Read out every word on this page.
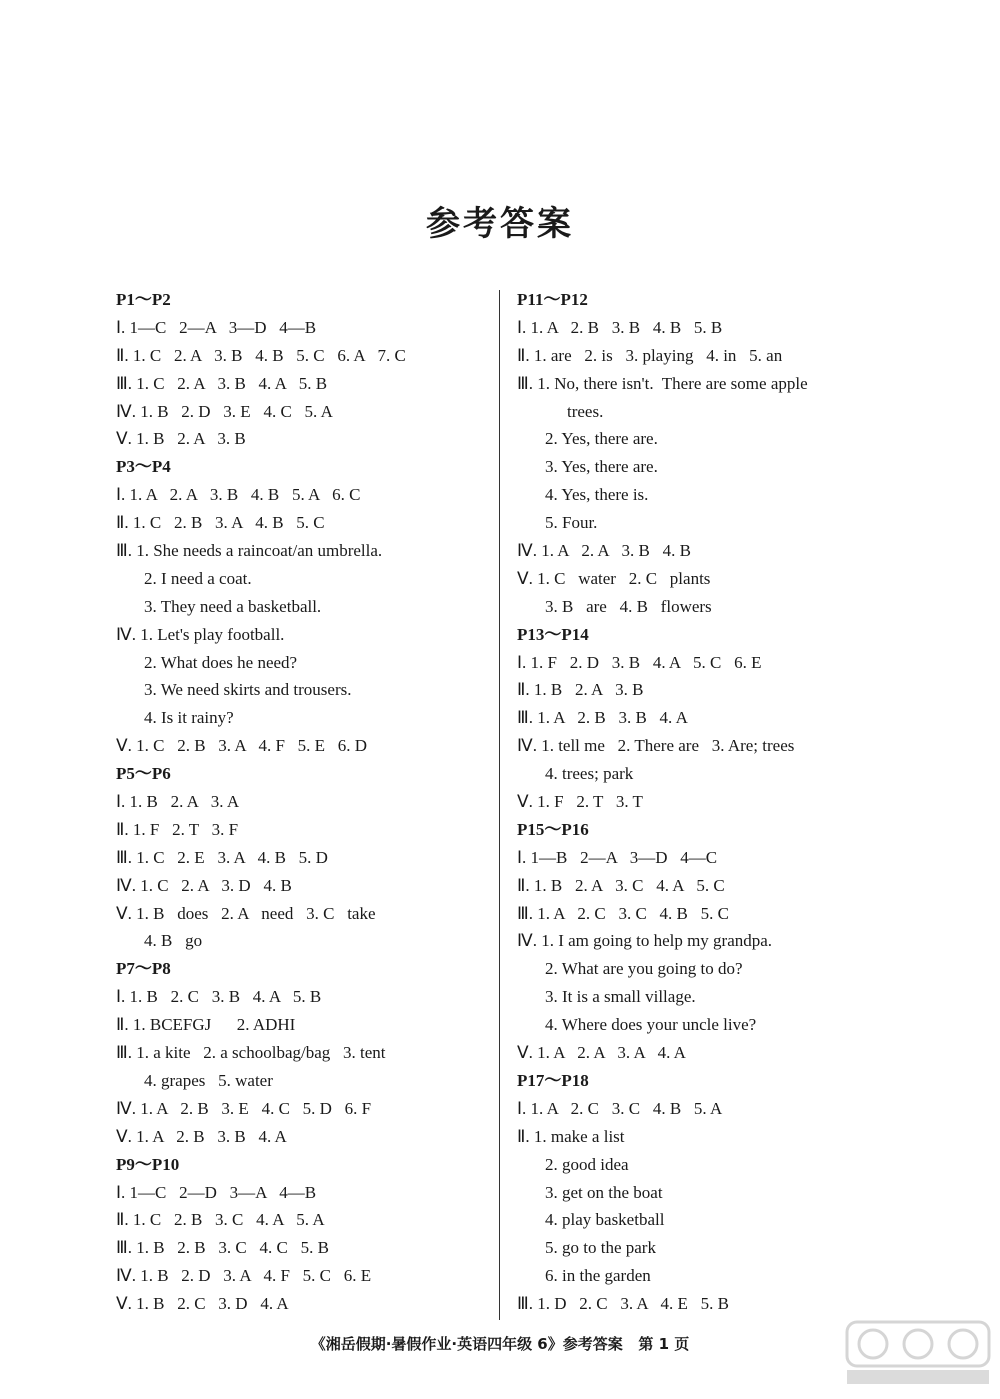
参考答案
P1～P2
Ⅰ. 1—C   2—A   3—D   4—B
Ⅱ. 1. C   2. A   3. B   4. B   5. C   6. A   7. C
Ⅲ. 1. C   2. A   3. B   4. A   5. B
Ⅳ. 1. B   2. D   3. E   4. C   5. A
Ⅴ. 1. B   2. A   3. B
P3～P4
Ⅰ. 1. A   2. A   3. B   4. B   5. A   6. C
Ⅱ. 1. C   2. B   3. A   4. B   5. C
Ⅲ. 1. She needs a raincoat/an umbrella.
2. I need a coat.
3. They need a basketball.
Ⅳ. 1. Let's play football.
2. What does he need?
3. We need skirts and trousers.
4. Is it rainy?
Ⅴ. 1. C   2. B   3. A   4. F   5. E   6. D
P5～P6
Ⅰ. 1. B   2. A   3. A
Ⅱ. 1. F   2. T   3. F
Ⅲ. 1. C   2. E   3. A   4. B   5. D
Ⅳ. 1. C   2. A   3. D   4. B
Ⅴ. 1. B   does   2. A   need   3. C   take
4. B   go
P7～P8
Ⅰ. 1. B   2. C   3. B   4. A   5. B
Ⅱ. 1. BCEFGJ      2. ADHI
Ⅲ. 1. a kite   2. a schoolbag/bag   3. tent
4. grapes   5. water
Ⅳ. 1. A   2. B   3. E   4. C   5. D   6. F
Ⅴ. 1. A   2. B   3. B   4. A
P9～P10
Ⅰ. 1—C   2—D   3—A   4—B
Ⅱ. 1. C   2. B   3. C   4. A   5. A
Ⅲ. 1. B   2. B   3. C   4. C   5. B
Ⅳ. 1. B   2. D   3. A   4. F   5. C   6. E
Ⅴ. 1. B   2. C   3. D   4. A
P11～P12
Ⅰ. 1. A   2. B   3. B   4. B   5. B
Ⅱ. 1. are   2. is   3. playing   4. in   5. an
Ⅲ. 1. No, there isn't.  There are some apple
trees.
2. Yes, there are.
3. Yes, there are.
4. Yes, there is.
5. Four.
Ⅳ. 1. A   2. A   3. B   4. B
Ⅴ. 1. C   water   2. C   plants
3. B   are   4. B   flowers
P13～P14
Ⅰ. 1. F   2. D   3. B   4. A   5. C   6. E
Ⅱ. 1. B   2. A   3. B
Ⅲ. 1. A   2. B   3. B   4. A
Ⅳ. 1. tell me   2. There are   3. Are; trees
4. trees; park
Ⅴ. 1. F   2. T   3. T
P15～P16
Ⅰ. 1—B   2—A   3—D   4—C
Ⅱ. 1. B   2. A   3. C   4. A   5. C
Ⅲ. 1. A   2. C   3. C   4. B   5. C
Ⅳ. 1. I am going to help my grandpa.
2. What are you going to do?
3. It is a small village.
4. Where does your uncle live?
Ⅴ. 1. A   2. A   3. A   4. A
P17～P18
Ⅰ. 1. A   2. C   3. C   4. B   5. A
Ⅱ. 1. make a list
2. good idea
3. get on the boat
4. play basketball
5. go to the park
6. in the garden
Ⅲ. 1. D   2. C   3. A   4. E   5. B
《湘岳假期·暑假作业·英语四年级 6》参考答案   第 1 页
